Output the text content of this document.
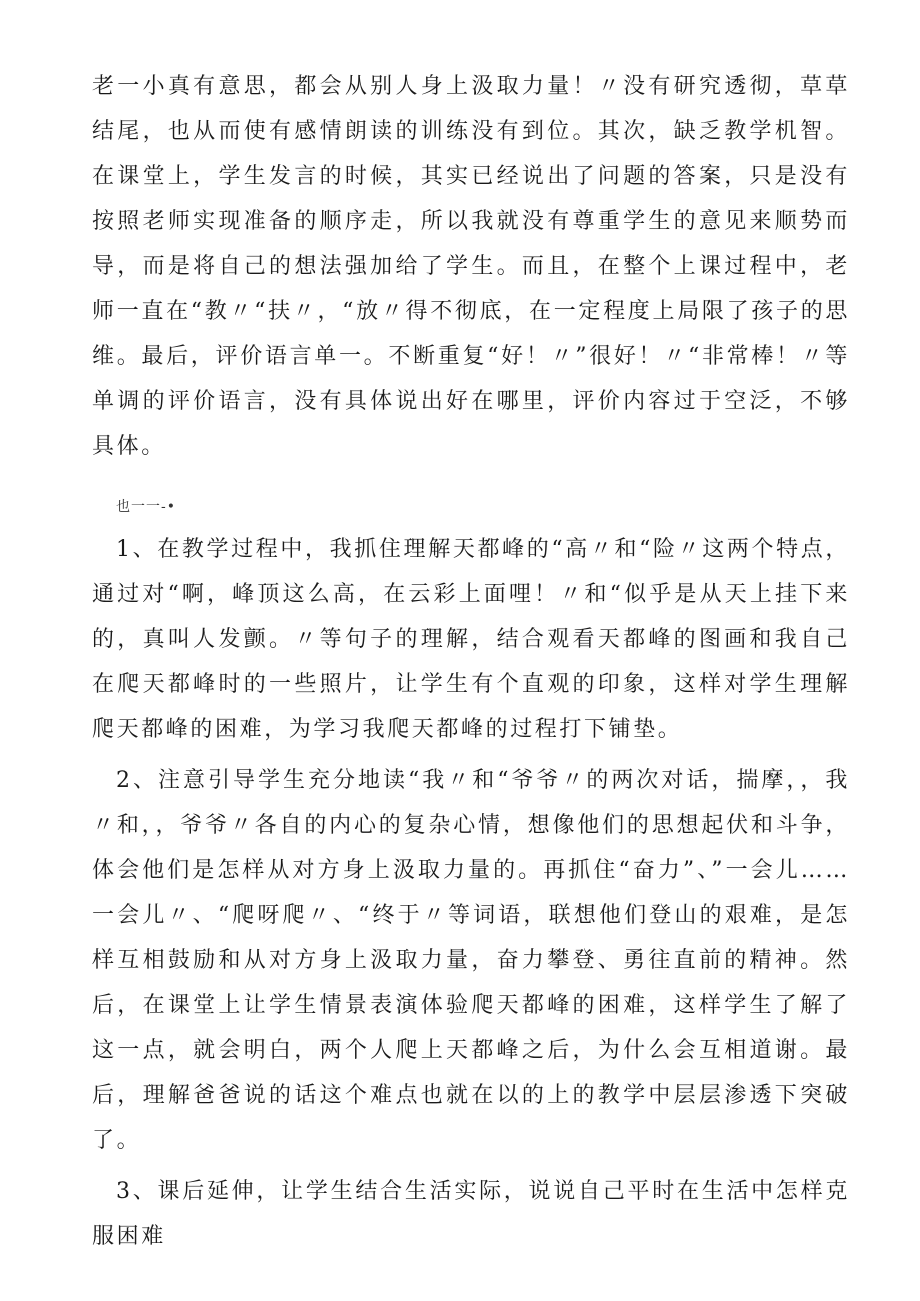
老一小真有意思，都会从别人身上汲取力量！〃没有研究透彻，草草结尾，也从而使有感情朗读的训练没有到位。其次，缺乏教学机智。在课堂上，学生发言的时候，其实已经说出了问题的答案，只是没有按照老师实现准备的顺序走，所以我就没有尊重学生的意见来顺势而导，而是将自己的想法强加给了学生。而且，在整个上课过程中，老师一直在“教〃“扶〃，“放〃得不彻底，在一定程度上局限了孩子的思维。最后，评价语言单一。不断重复“好！〃”很好！〃“非常棒！〃等单调的评价语言，没有具体说出好在哪里，评价内容过于空泛，不够具体。

也一一-•

1、在教学过程中，我抓住理解天都峰的“高〃和“险〃这两个特点，通过对“啊，峰顶这么高，在云彩上面哩！〃和“似乎是从天上挂下来的，真叫人发颤。〃等句子的理解，结合观看天都峰的图画和我自己在爬天都峰时的一些照片，让学生有个直观的印象，这样对学生理解爬天都峰的困难，为学习我爬天都峰的过程打下铺垫。

2、注意引导学生充分地读“我〃和“爷爷〃的两次对话，揣摩，，我〃和，，爷爷〃各自的内心的复杂心情，想像他们的思想起伏和斗争，体会他们是怎样从对方身上汲取力量的。再抓住“奋力”、”一会儿……一会儿〃、“爬呀爬〃、“终于〃等词语，联想他们登山的艰难，是怎样互相鼓励和从对方身上汲取力量，奋力攀登、勇往直前的精神。然后，在课堂上让学生情景表演体验爬天都峰的困难，这样学生了解了这一点，就会明白，两个人爬上天都峰之后，为什么会互相道谢。最后，理解爸爸说的话这个难点也就在以的上的教学中层层渗透下突破了。

3、课后延伸，让学生结合生活实际，说说自己平时在生活中怎样克服困难
